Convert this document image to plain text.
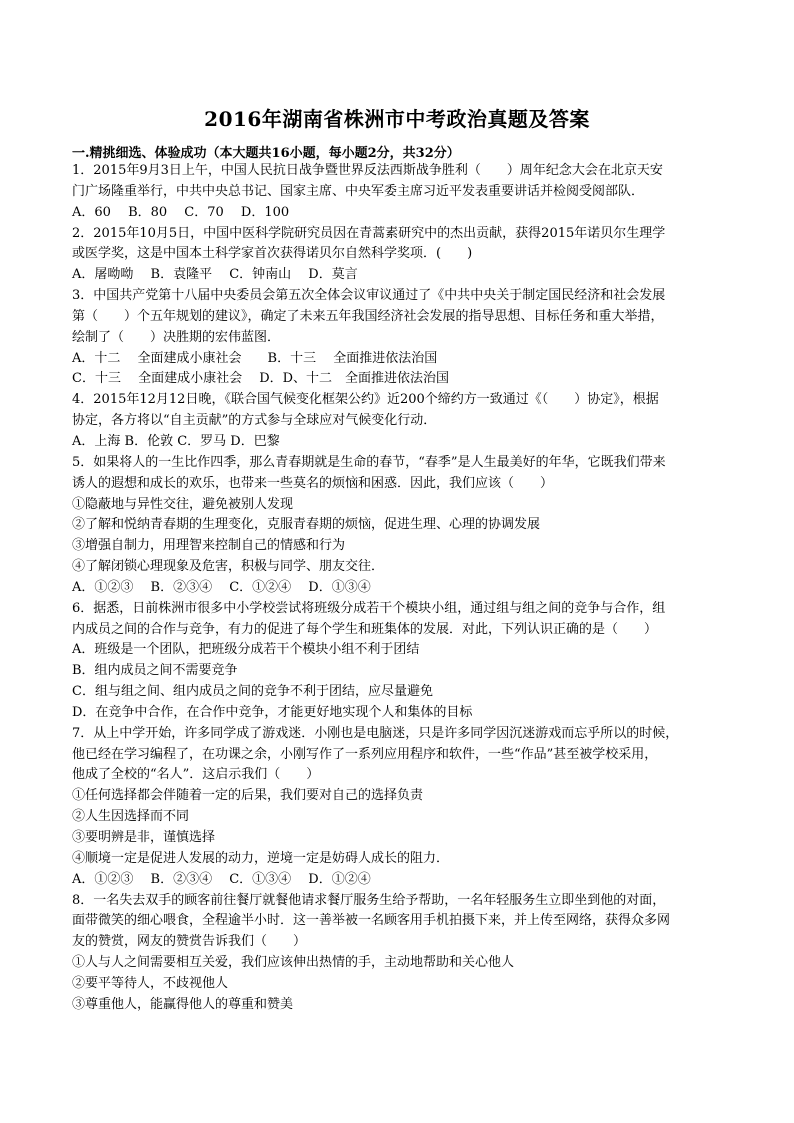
2016年湖南省株洲市中考政治真题及答案
一.精挑细选、体验成功（本大题共16小题，每小题2分，共32分）
1．2015年9月3日上午，中国人民抗日战争暨世界反法西斯战争胜利（　　）周年纪念大会在北京天安
门广场隆重举行，中共中央总书记、国家主席、中央军委主席习近平发表重要讲话并检阅受阅部队．
A．60　 B．80　 C．70　 D．100
2．2015年10月5日，中国中医科学院研究员因在青蒿素研究中的杰出贡献，获得2015年诺贝尔生理学
或医学奖，这是中国本土科学家首次获得诺贝尔自然科学奖项．(　　)
A．屠呦呦　 B．袁隆平　 C．钟南山　 D．莫言
3．中国共产党第十八届中央委员会第五次全体会议审议通过了《中共中央关于制定国民经济和社会发展
第（　　）个五年规划的建议》，确定了未来五年我国经济社会发展的指导思想、目标任务和重大举措，
绘制了（　　）决胜期的宏伟蓝图．
A．十二　 全面建成小康社会　　B．十三　 全面推进依法治国
C．十三　 全面建成小康社会　 D．D、十二　全面推进依法治国
4．2015年12月12日晚，《联合国气候变化框架公约》近200个缔约方一致通过《（　　）协定》，根据
协定，各方将以“自主贡献”的方式参与全球应对气候变化行动．
A．上海 B．伦敦 C．罗马 D．巴黎
5．如果将人的一生比作四季，那么青春期就是生命的春节，“春季”是人生最美好的年华，它既我们带来
诱人的遐想和成长的欢乐，也带来一些莫名的烦恼和困惑．因此，我们应该（　　）
①隐蔽地与异性交往，避免被别人发现
②了解和悦纳青春期的生理变化，克服青春期的烦恼，促进生理、心理的协调发展
③增强自制力，用理智来控制自己的情感和行为
④了解闭锁心理现象及危害，积极与同学、朋友交往．
A．①②③　 B．②③④　 C．①②④　 D．①③④
6．据悉，日前株洲市很多中小学校尝试将班级分成若干个模块小组，通过组与组之间的竞争与合作，组
内成员之间的合作与竞争，有力的促进了每个学生和班集体的发展．对此，下列认识正确的是（　　）
A．班级是一个团队，把班级分成若干个模块小组不利于团结
B．组内成员之间不需要竞争
C．组与组之间、组内成员之间的竞争不利于团结，应尽量避免
D．在竞争中合作，在合作中竞争，才能更好地实现个人和集体的目标
7．从上中学开始，许多同学成了游戏迷．小刚也是电脑迷，只是许多同学因沉迷游戏而忘乎所以的时候，
他已经在学习编程了，在功课之余，小刚写作了一系列应用程序和软件，一些“作品”甚至被学校采用，
他成了全校的“名人”．这启示我们（　　）
①任何选择都会伴随着一定的后果，我们要对自己的选择负责
②人生因选择而不同
③要明辨是非，谨慎选择
④顺境一定是促进人发展的动力，逆境一定是妨碍人成长的阻力．
A．①②③　 B．②③④　 C．①③④　 D．①②④
8．一名失去双手的顾客前往餐厅就餐他请求餐厅服务生给予帮助，一名年轻服务生立即坐到他的对面，
面带微笑的细心喂食，全程逾半小时．这一善举被一名顾客用手机拍摄下来，并上传至网络，获得众多网
友的赞赏，网友的赞赏告诉我们（　　）
①人与人之间需要相互关爱，我们应该伸出热情的手，主动地帮助和关心他人
②要平等待人，不歧视他人
③尊重他人，能赢得他人的尊重和赞美
